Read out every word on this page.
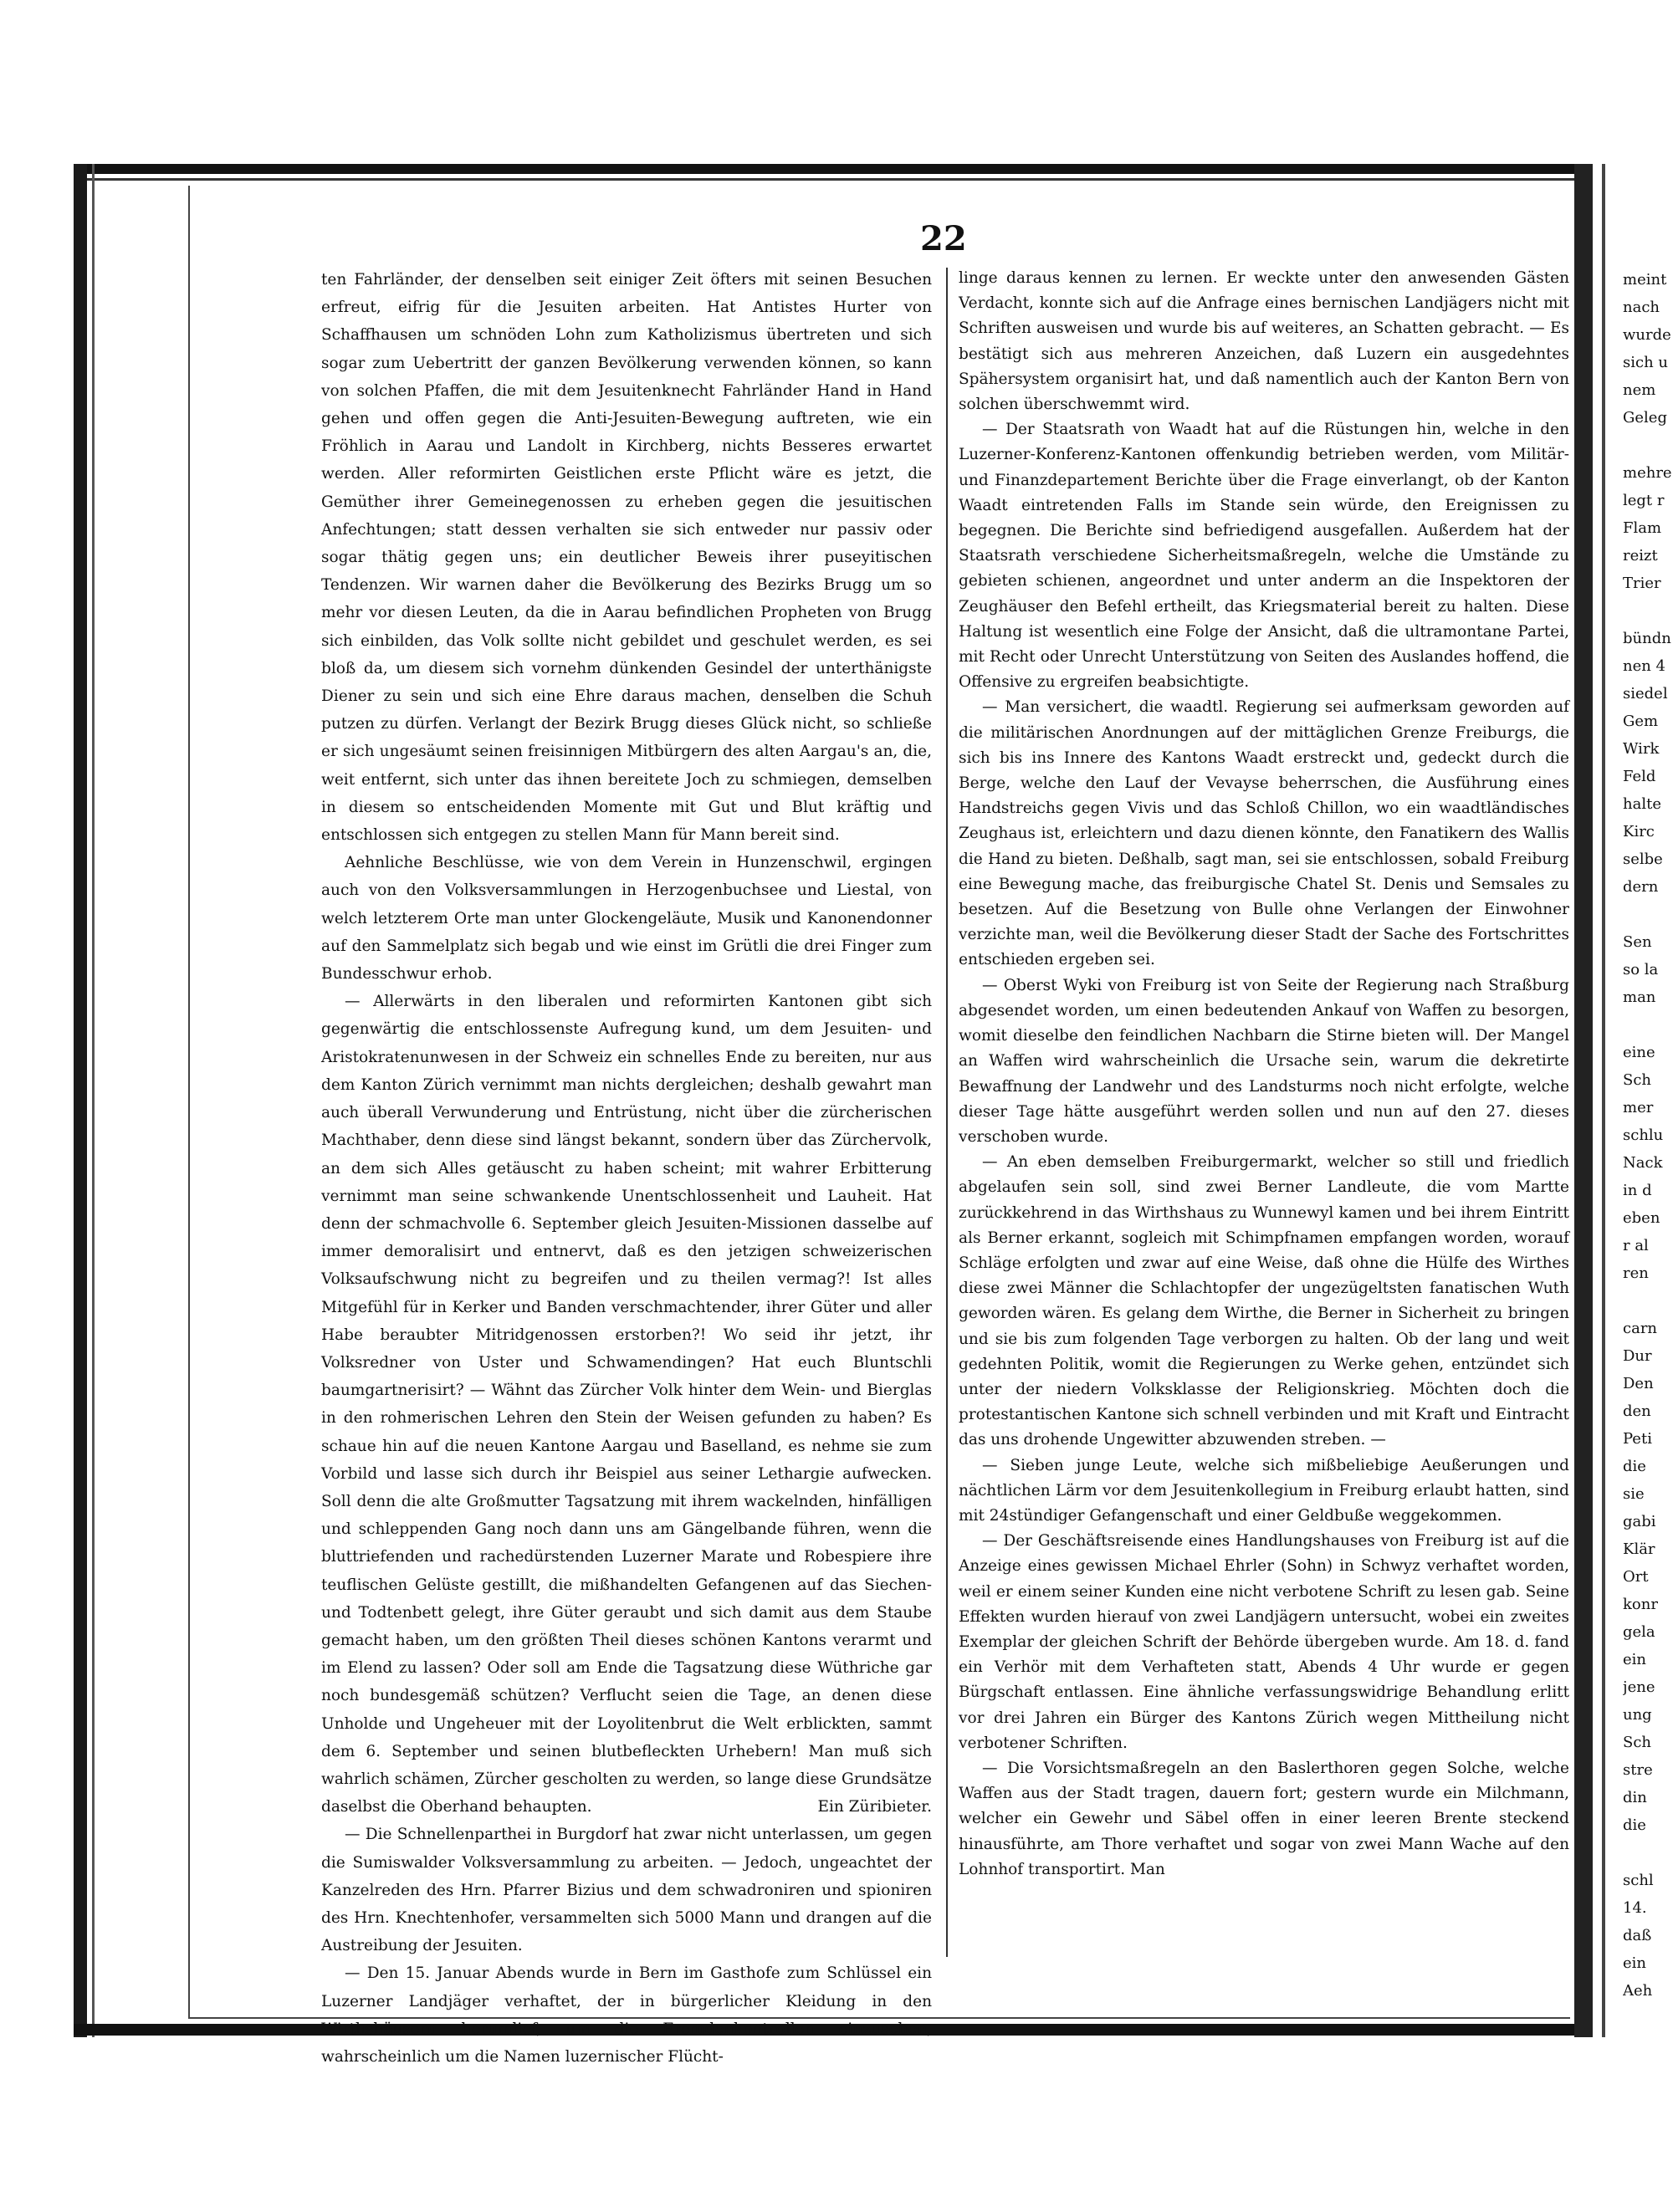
22

ten Fahrländer, der denselben seit einiger Zeit öfters mit seinen Besuchen erfreut, eifrig für die Jesuiten arbeiten. Hat Antistes Hurter von Schaffhausen um schnöden Lohn zum Katholizismus übertreten und sich sogar zum Uebertritt der ganzen Bevölkerung verwenden können, so kann von solchen Pfaffen, die mit dem Jesuitenknecht Fahrländer Hand in Hand gehen und offen gegen die Anti-Jesuiten-Bewegung auftreten, wie ein Fröhlich in Aarau und Landolt in Kirchberg, nichts Besseres erwartet werden. Aller reformirten Geistlichen erste Pflicht wäre es jetzt, die Gemüther ihrer Gemeinegenossen zu erheben gegen die jesuitischen Anfechtungen; statt dessen verhalten sie sich entweder nur passiv oder sogar thätig gegen uns; ein deutlicher Beweis ihrer puseyitischen Tendenzen. Wir warnen daher die Bevölkerung des Bezirks Brugg um so mehr vor diesen Leuten, da die in Aarau befindlichen Propheten von Brugg sich einbilden, das Volk sollte nicht gebildet und geschulet werden, es sei bloß da, um diesem sich vornehm dünkenden Gesindel der unterthänigste Diener zu sein und sich eine Ehre daraus machen, denselben die Schuh putzen zu dürfen. Verlangt der Bezirk Brugg dieses Glück nicht, so schließe er sich ungesäumt seinen freisinnigen Mitbürgern des alten Aargau's an, die, weit entfernt, sich unter das ihnen bereitete Joch zu schmiegen, demselben in diesem so entscheidenden Momente mit Gut und Blut kräftig und entschlossen sich entgegen zu stellen Mann für Mann bereit sind.

Aehnliche Beschlüsse, wie von dem Verein in Hunzenschwil, ergingen auch von den Volksversammlungen in Herzogenbuchsee und Liestal, von welch letzterem Orte man unter Glockengeläute, Musik und Kanonendonner auf den Sammelplatz sich begab und wie einst im Grütli die drei Finger zum Bundesschwur erhob.

— Allerwärts in den liberalen und reformirten Kantonen gibt sich gegenwärtig die entschlossenste Aufregung kund, um dem Jesuiten- und Aristokratenunwesen in der Schweiz ein schnelles Ende zu bereiten, nur aus dem Kanton Zürich vernimmt man nichts dergleichen; deshalb gewahrt man auch überall Verwunderung und Entrüstung, nicht über die zürcherischen Machthaber, denn diese sind längst bekannt, sondern über das Zürchervolk, an dem sich Alles getäuscht zu haben scheint; mit wahrer Erbitterung vernimmt man seine schwankende Unentschlossenheit und Lauheit. Hat denn der schmachvolle 6. September gleich Jesuiten-Missionen dasselbe auf immer demoralisirt und entnervt, daß es den jetzigen schweizerischen Volksaufschwung nicht zu begreifen und zu theilen vermag?! Ist alles Mitgefühl für in Kerker und Banden verschmachtender, ihrer Güter und aller Habe beraubter Mitridgenossen erstorben?! Wo seid ihr jetzt, ihr Volksredner von Uster und Schwamendingen? Hat euch Bluntschli baumgartnerisirt? — Wähnt das Zürcher Volk hinter dem Wein- und Bierglas in den rohmerischen Lehren den Stein der Weisen gefunden zu haben? Es schaue hin auf die neuen Kantone Aargau und Baselland, es nehme sie zum Vorbild und lasse sich durch ihr Beispiel aus seiner Lethargie aufwecken. Soll denn die alte Großmutter Tagsatzung mit ihrem wackelnden, hinfälligen und schleppenden Gang noch dann uns am Gängelbande führen, wenn die bluttriefenden und rachedürstenden Luzerner Marate und Robespiere ihre teuflischen Gelüste gestillt, die mißhandelten Gefangenen auf das Siechen- und Todtenbett gelegt, ihre Güter geraubt und sich damit aus dem Staube gemacht haben, um den größten Theil dieses schönen Kantons verarmt und im Elend zu lassen? Oder soll am Ende die Tagsatzung diese Wüthriche gar noch bundesgemäß schützen? Verflucht seien die Tage, an denen diese Unholde und Ungeheuer mit der Loyolitenbrut die Welt erblickten, sammt dem 6. September und seinen blutbefleckten Urhebern! Man muß sich wahrlich schämen, Zürcher gescholten zu werden, so lange diese Grundsätze daselbst die Oberhand behaupten.	Ein Züribieter.

— Die Schnellenparthei in Burgdorf hat zwar nicht unterlassen, um gegen die Sumiswalder Volksversammlung zu arbeiten. — Jedoch, ungeachtet der Kanzelreden des Hrn. Pfarrer Bizius und dem schwadroniren und spioniren des Hrn. Knechtenhofer, versammelten sich 5000 Mann und drangen auf die Austreibung der Jesuiten.

— Den 15. Januar Abends wurde in Bern im Gasthofe zum Schlüssel ein Luzerner Landjäger verhaftet, der in bürgerlicher Kleidung in den Wirthshäusern herumlief, um die Fremdenkontrollen einzusehen, wahrscheinlich um die Namen luzernischer Flücht-

linge daraus kennen zu lernen. Er weckte unter den anwesenden Gästen Verdacht, konnte sich auf die Anfrage eines bernischen Landjägers nicht mit Schriften ausweisen und wurde bis auf weiteres, an Schatten gebracht. — Es bestätigt sich aus mehreren Anzeichen, daß Luzern ein ausgedehntes Spähersystem organisirt hat, und daß namentlich auch der Kanton Bern von solchen überschwemmt wird.

— Der Staatsrath von Waadt hat auf die Rüstungen hin, welche in den Luzerner-Konferenz-Kantonen offenkundig betrieben werden, vom Militär- und Finanzdepartement Berichte über die Frage einverlangt, ob der Kanton Waadt eintretenden Falls im Stande sein würde, den Ereignissen zu begegnen. Die Berichte sind befriedigend ausgefallen. Außerdem hat der Staatsrath verschiedene Sicherheitsmaßregeln, welche die Umstände zu gebieten schienen, angeordnet und unter anderm an die Inspektoren der Zeughäuser den Befehl ertheilt, das Kriegsmaterial bereit zu halten. Diese Haltung ist wesentlich eine Folge der Ansicht, daß die ultramontane Partei, mit Recht oder Unrecht Unterstützung von Seiten des Auslandes hoffend, die Offensive zu ergreifen beabsichtigte.

— Man versichert, die waadtl. Regierung sei aufmerksam geworden auf die militärischen Anordnungen auf der mittäglichen Grenze Freiburgs, die sich bis ins Innere des Kantons Waadt erstreckt und, gedeckt durch die Berge, welche den Lauf der Vevayse beherrschen, die Ausführung eines Handstreichs gegen Vivis und das Schloß Chillon, wo ein waadtländisches Zeughaus ist, erleichtern und dazu dienen könnte, den Fanatikern des Wallis die Hand zu bieten. Deßhalb, sagt man, sei sie entschlossen, sobald Freiburg eine Bewegung mache, das freiburgische Chatel St. Denis und Semsales zu besetzen. Auf die Besetzung von Bulle ohne Verlangen der Einwohner verzichte man, weil die Bevölkerung dieser Stadt der Sache des Fortschrittes entschieden ergeben sei.

— Oberst Wyki von Freiburg ist von Seite der Regierung nach Straßburg abgesendet worden, um einen bedeutenden Ankauf von Waffen zu besorgen, womit dieselbe den feindlichen Nachbarn die Stirne bieten will. Der Mangel an Waffen wird wahrscheinlich die Ursache sein, warum die dekretirte Bewaffnung der Landwehr und des Landsturms noch nicht erfolgte, welche dieser Tage hätte ausgeführt werden sollen und nun auf den 27. dieses verschoben wurde.

— An eben demselben Freiburgermarkt, welcher so still und friedlich abgelaufen sein soll, sind zwei Berner Landleute, die vom Martte zurückkehrend in das Wirthshaus zu Wunnewyl kamen und bei ihrem Eintritt als Berner erkannt, sogleich mit Schimpfnamen empfangen worden, worauf Schläge erfolgten und zwar auf eine Weise, daß ohne die Hülfe des Wirthes diese zwei Männer die Schlachtopfer der ungezügeltsten fanatischen Wuth geworden wären. Es gelang dem Wirthe, die Berner in Sicherheit zu bringen und sie bis zum folgenden Tage verborgen zu halten. Ob der lang und weit gedehnten Politik, womit die Regierungen zu Werke gehen, entzündet sich unter der niedern Volksklasse der Religionskrieg. Möchten doch die protestantischen Kantone sich schnell verbinden und mit Kraft und Eintracht das uns drohende Ungewitter abzuwenden streben. —

— Sieben junge Leute, welche sich mißbeliebige Aeußerungen und nächtlichen Lärm vor dem Jesuitenkollegium in Freiburg erlaubt hatten, sind mit 24stündiger Gefangenschaft und einer Geldbuße weggekommen.

— Der Geschäftsreisende eines Handlungshauses von Freiburg ist auf die Anzeige eines gewissen Michael Ehrler (Sohn) in Schwyz verhaftet worden, weil er einem seiner Kunden eine nicht verbotene Schrift zu lesen gab. Seine Effekten wurden hierauf von zwei Landjägern untersucht, wobei ein zweites Exemplar der gleichen Schrift der Behörde übergeben wurde. Am 18. d. fand ein Verhör mit dem Verhafteten statt, Abends 4 Uhr wurde er gegen Bürgschaft entlassen. Eine ähnliche verfassungswidrige Behandlung erlitt vor drei Jahren ein Bürger des Kantons Zürich wegen Mittheilung nicht verbotener Schriften.

— Die Vorsichtsmaßregeln an den Baslerthoren gegen Solche, welche Waffen aus der Stadt tragen, dauern fort; gestern wurde ein Milchmann, welcher ein Gewehr und Säbel offen in einer leeren Brente steckend hinausführte, am Thore verhaftet und sogar von zwei Mann Wache auf den Lohnhof transportirt. Man

meint
nach
wurde
sich u
nem
Geleg
mehre
legt r
Flam
reizt
Trier
bündn
nen 4
siedel
Gem
Wirk
Feld
halte
Kirc
selbe
dern
Sen
so la
man
eine
Sch
mer
schlu
Nack
in d
eben
r al
ren
carn
Dur
Den
den
Peti
die
sie
gabi
Klär
Ort
konr
gela
ein
jene
ung
Sch
stre
din
die
schl
14.
daß
ein
Aeh
